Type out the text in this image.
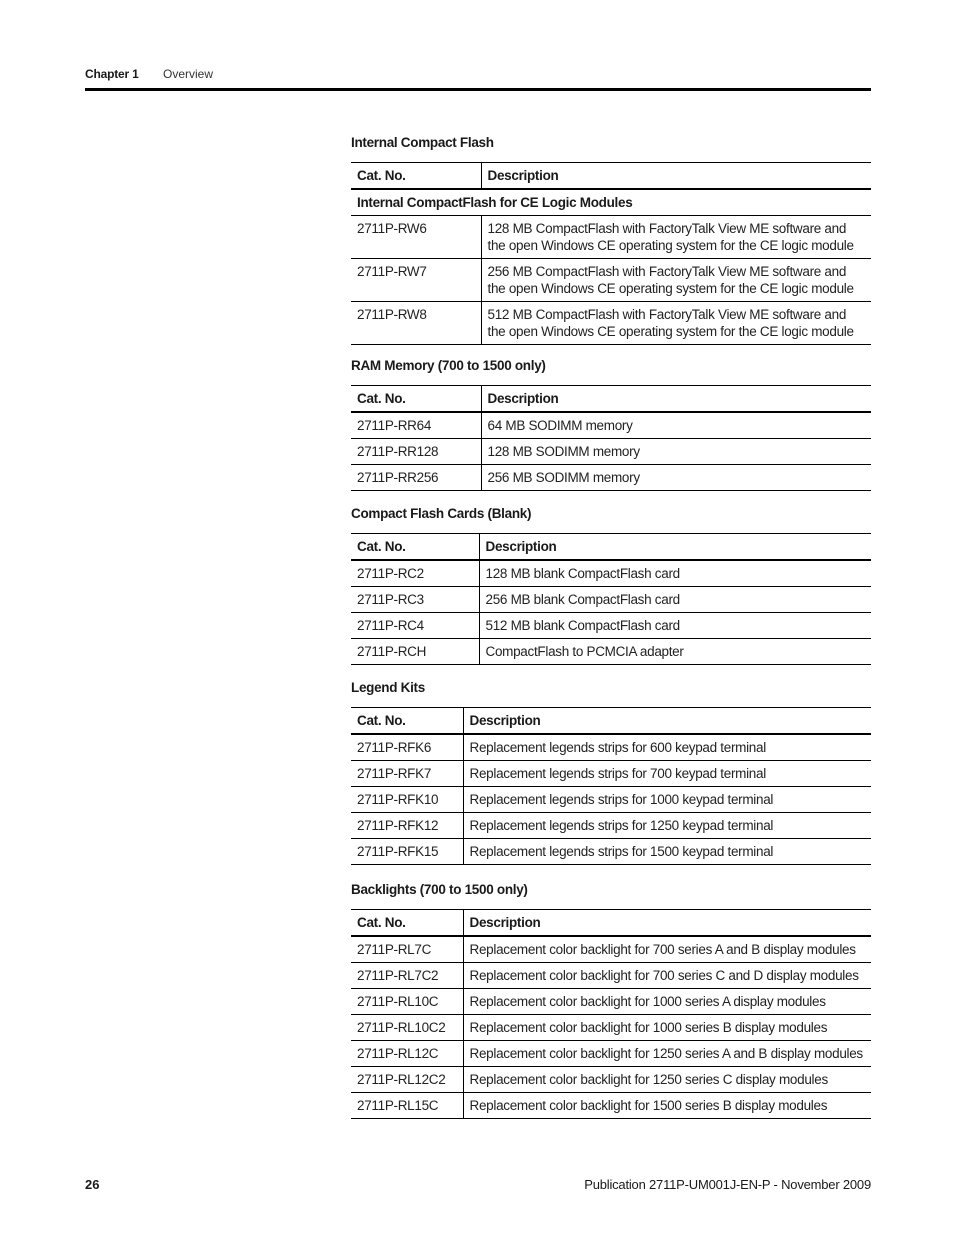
Chapter 1 Overview
Internal Compact Flash
Cat. No.	Description
Internal CompactFlash for CE Logic Modules	
2711P-RW6	128 MB CompactFlash with FactoryTalk View ME software and the open Windows CE operating system for the CE logic module
2711P-RW7	256 MB CompactFlash with FactoryTalk View ME software and the open Windows CE operating system for the CE logic module
2711P-RW8	512 MB CompactFlash with FactoryTalk View ME software and the open Windows CE operating system for the CE logic module
RAM Memory (700 to 1500 only)
Cat. No.	Description
2711P-RR64	64 MB SODIMM memory
2711P-RR128	128 MB SODIMM memory
2711P-RR256	256 MB SODIMM memory
Compact Flash Cards (Blank)
Cat. No.	Description
2711P-RC2	128 MB blank CompactFlash card
2711P-RC3	256 MB blank CompactFlash card
2711P-RC4	512 MB blank CompactFlash card
2711P-RCH	CompactFlash to PCMCIA adapter
Legend Kits
Cat. No.	Description
2711P-RFK6	Replacement legends strips for 600 keypad terminal
2711P-RFK7	Replacement legends strips for 700 keypad terminal
2711P-RFK10	Replacement legends strips for 1000 keypad terminal
2711P-RFK12	Replacement legends strips for 1250 keypad terminal
2711P-RFK15	Replacement legends strips for 1500 keypad terminal
Backlights (700 to 1500 only)
Cat. No.	Description
2711P-RL7C	Replacement color backlight for 700 series A and B display modules
2711P-RL7C2	Replacement color backlight for 700 series C and D display modules
2711P-RL10C	Replacement color backlight for 1000 series A display modules
2711P-RL10C2	Replacement color backlight for 1000 series B display modules
2711P-RL12C	Replacement color backlight for 1250 series A and B display modules
2711P-RL12C2	Replacement color backlight for 1250 series C display modules
2711P-RL15C	Replacement color backlight for 1500 series B display modules
26	Publication 2711P-UM001J-EN-P - November 2009
